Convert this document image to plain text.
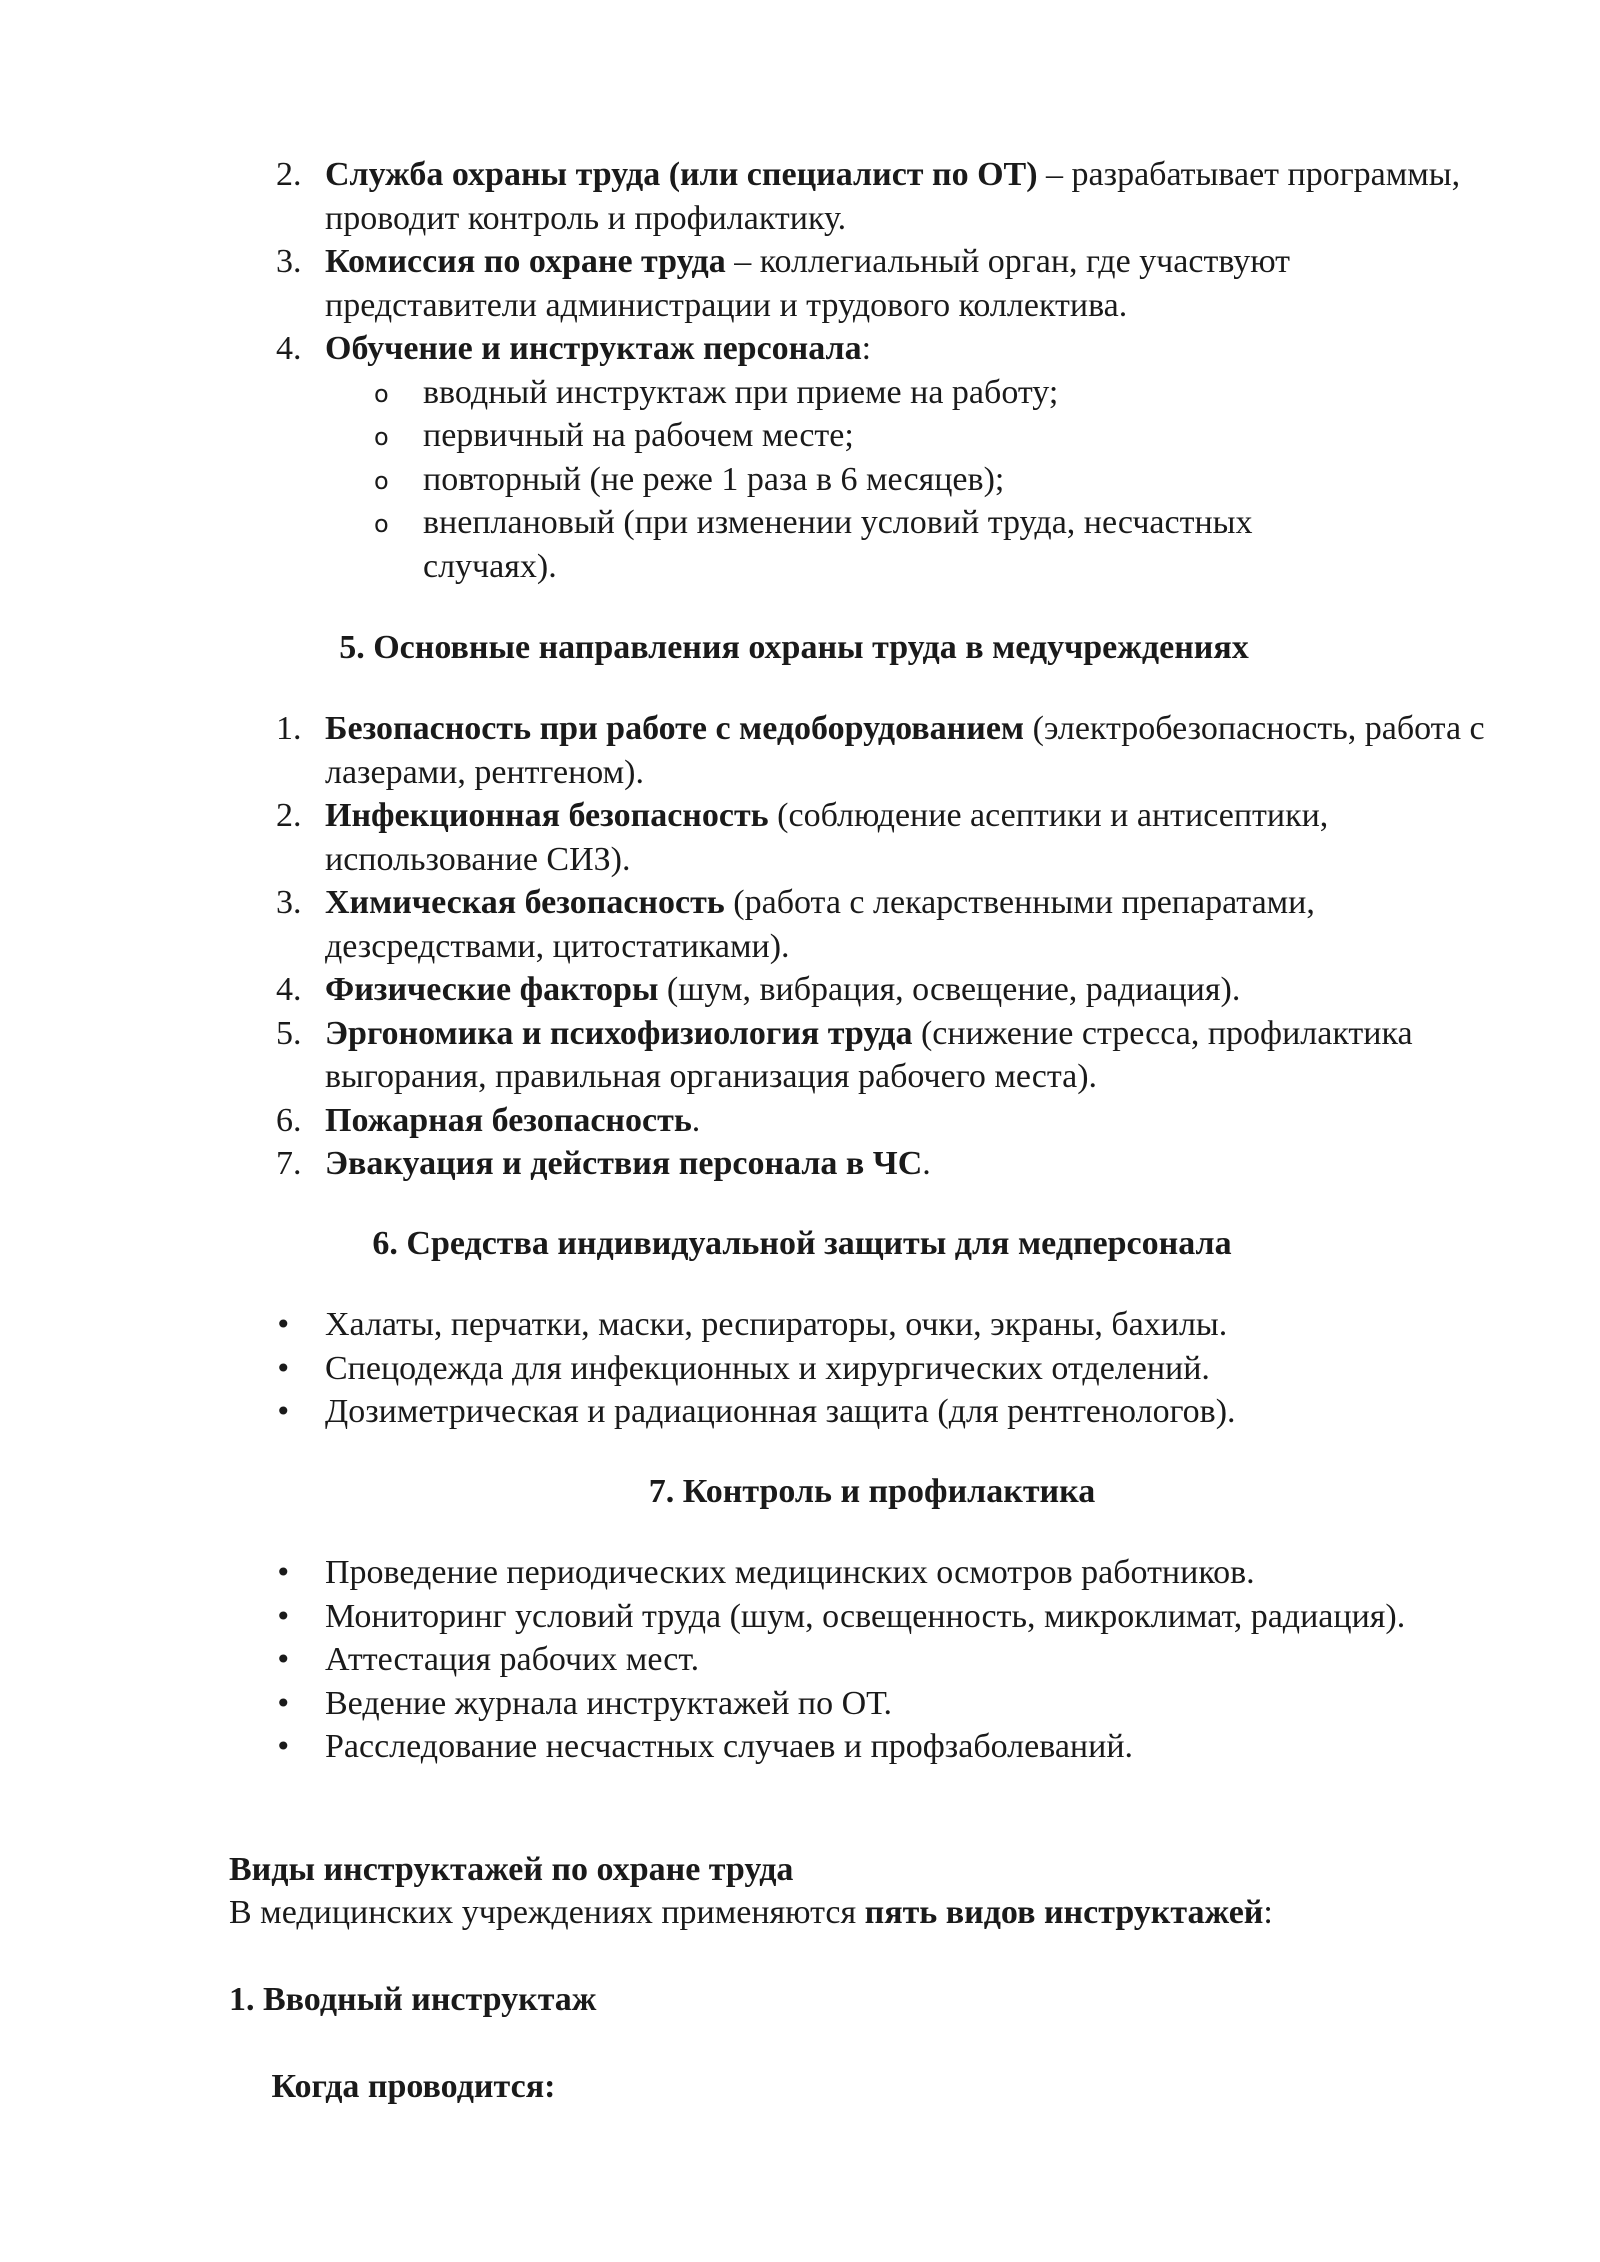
2. Служба охраны труда (или специалист по ОТ) – разрабатывает программы, проводит контроль и профилактику.
3. Комиссия по охране труда – коллегиальный орган, где участвуют представители администрации и трудового коллектива.
4. Обучение и инструктаж персонала:
o вводный инструктаж при приеме на работу;
o первичный на рабочем месте;
o повторный (не реже 1 раза в 6 месяцев);
o внеплановый (при изменении условий труда, несчастных случаях).
5. Основные направления охраны труда в медучреждениях
1. Безопасность при работе с медоборудованием (электробезопасность, работа с лазерами, рентгеном).
2. Инфекционная безопасность (соблюдение асептики и антисептики, использование СИЗ).
3. Химическая безопасность (работа с лекарственными препаратами, дезсредствами, цитостатиками).
4. Физические факторы (шум, вибрация, освещение, радиация).
5. Эргономика и психофизиология труда (снижение стресса, профилактика выгорания, правильная организация рабочего места).
6. Пожарная безопасность.
7. Эвакуация и действия персонала в ЧС.
6. Средства индивидуальной защиты для медперсонала
• Халаты, перчатки, маски, респираторы, очки, экраны, бахилы.
• Спецодежда для инфекционных и хирургических отделений.
• Дозиметрическая и радиационная защита (для рентгенологов).
7. Контроль и профилактика
• Проведение периодических медицинских осмотров работников.
• Мониторинг условий труда (шум, освещенность, микроклимат, радиация).
• Аттестация рабочих мест.
• Ведение журнала инструктажей по ОТ.
• Расследование несчастных случаев и профзаболеваний.
Виды инструктажей по охране труда
В медицинских учреждениях применяются пять видов инструктажей:
1. Вводный инструктаж

Когда проводится:
